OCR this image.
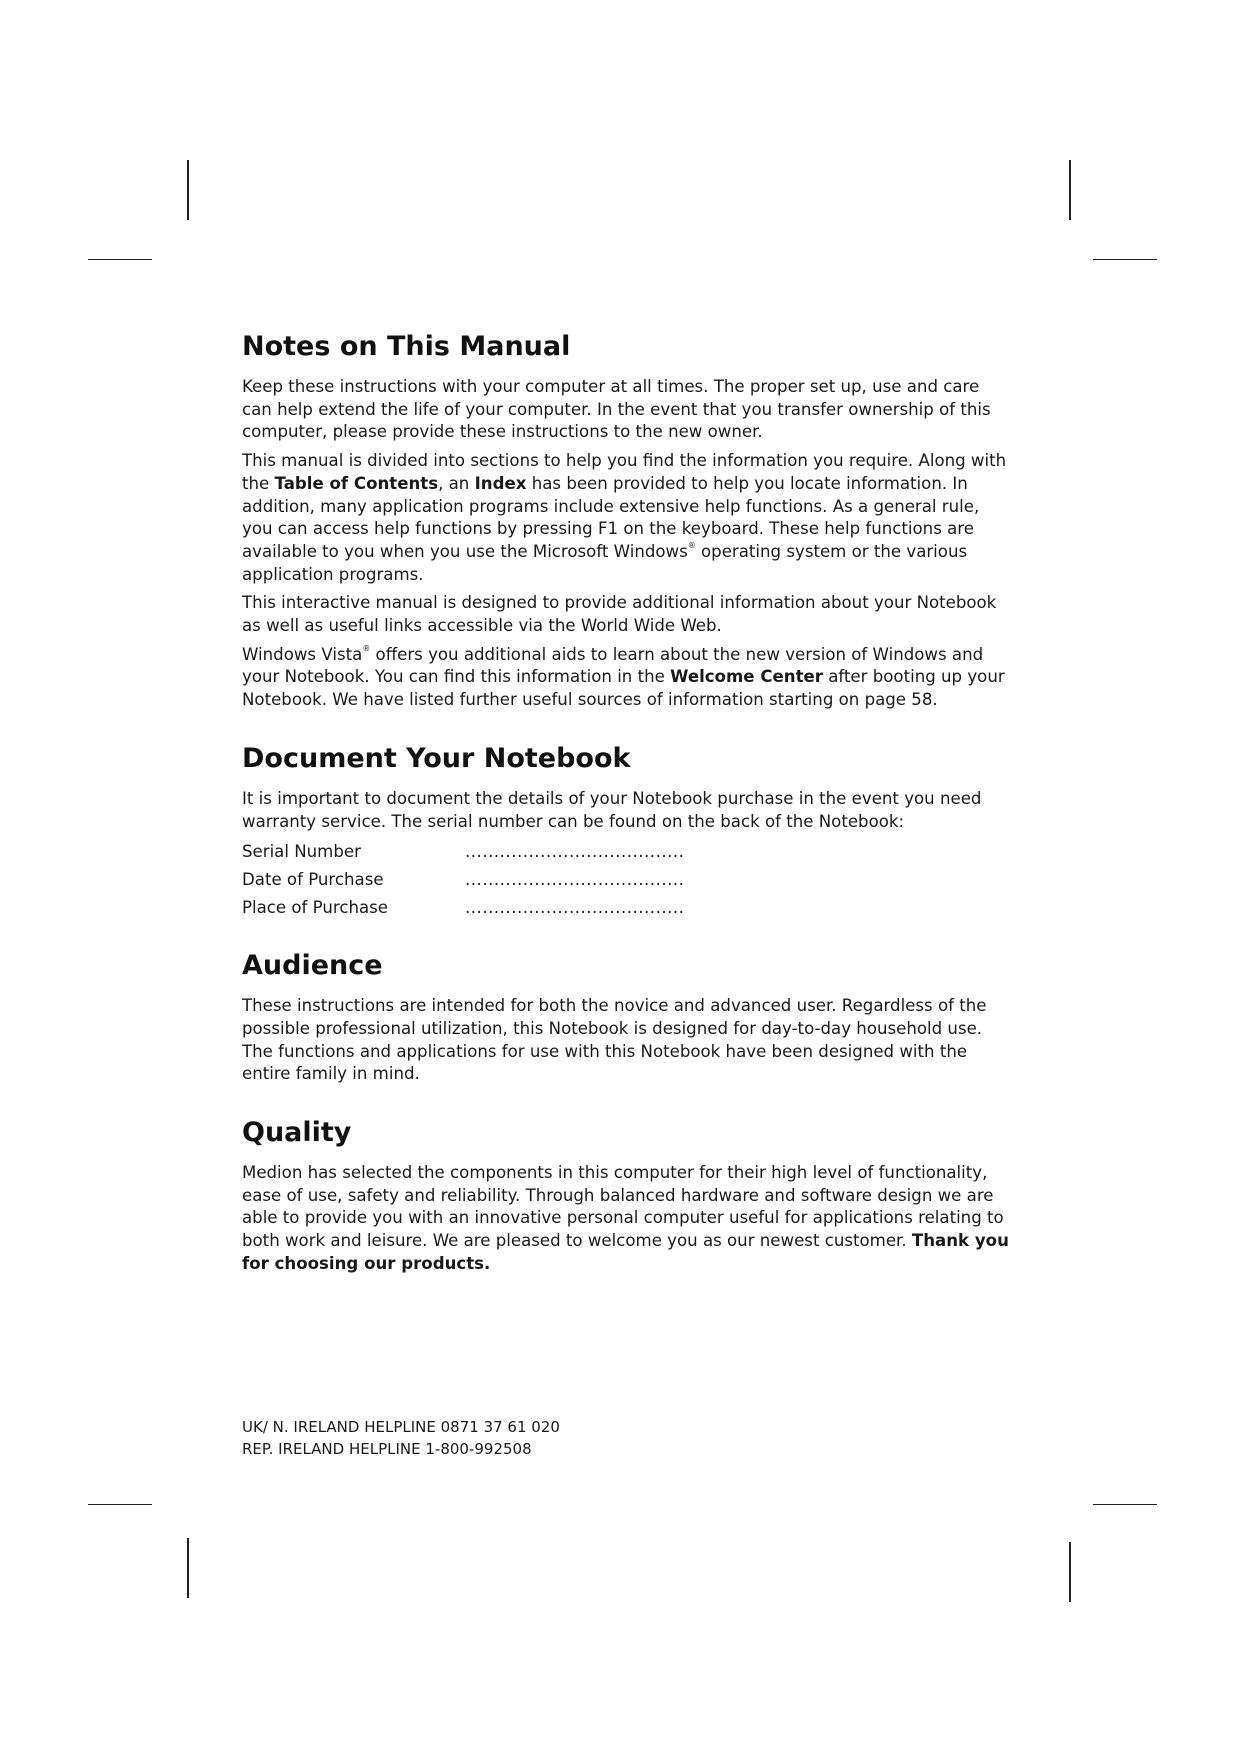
Notes on This Manual

Keep these instructions with your computer at all times. The proper set up, use and care can help extend the life of your computer. In the event that you transfer ownership of this computer, please provide these instructions to the new owner.

This manual is divided into sections to help you find the information you require. Along with the Table of Contents, an Index has been provided to help you locate information. In addition, many application programs include extensive help functions. As a general rule, you can access help functions by pressing F1 on the keyboard. These help functions are available to you when you use the Microsoft Windows® operating system or the various application programs.

This interactive manual is designed to provide additional information about your Notebook as well as useful links accessible via the World Wide Web.

Windows Vista® offers you additional aids to learn about the new version of Windows and your Notebook. You can find this information in the Welcome Center after booting up your Notebook. We have listed further useful sources of information starting on page 58.

Document Your Notebook

It is important to document the details of your Notebook purchase in the event you need warranty service. The serial number can be found on the back of the Notebook:

Serial Number	......................................
Date of Purchase	......................................
Place of Purchase	......................................
Audience

These instructions are intended for both the novice and advanced user. Regardless of the possible professional utilization, this Notebook is designed for day-to-day household use. The functions and applications for use with this Notebook have been designed with the entire family in mind.

Quality

Medion has selected the components in this computer for their high level of functionality, ease of use, safety and reliability. Through balanced hardware and software design we are able to provide you with an innovative personal computer useful for applications relating to both work and leisure. We are pleased to welcome you as our newest customer. Thank you for choosing our products.

UK/ N. IRELAND HELPLINE 0871 37 61 020
REP. IRELAND HELPLINE 1-800-992508
